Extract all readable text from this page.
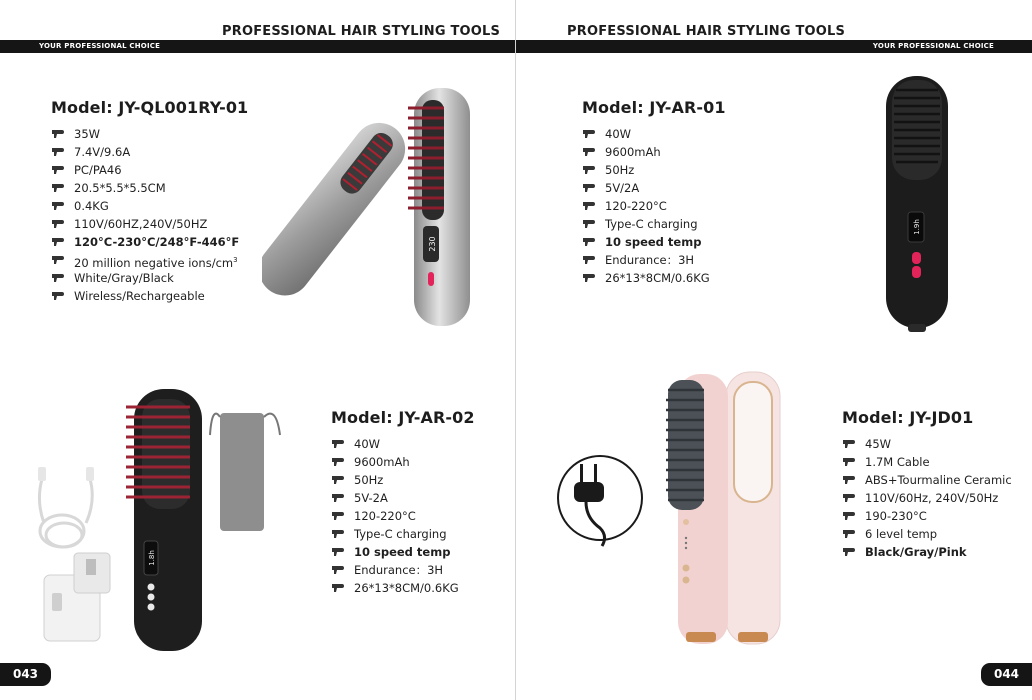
PROFESSIONAL HAIR STYLING TOOLS
YOUR PROFESSIONAL CHOICE
Model: JY-QL001RY-01
35W
7.4V/9.6A
PC/PA46
20.5*5.5*5.5CM
0.4KG
110V/60HZ,240V/50HZ
120°C-230°C/248°F-446°F
20 million negative ions/$cm^3$
White/Gray/Black
Wireless/Rechargeable
230
Model: JY-AR-02
40W
9600mAh
50Hz
5V-2A
120-220°C
Type-C charging
10 speed temp
Endurance：3H
26*13*8CM/0.6KG
1.8h
043
PROFESSIONAL HAIR STYLING TOOLS
YOUR PROFESSIONAL CHOICE
Model: JY-AR-01
40W
9600mAh
50Hz
5V/2A
120-220°C
Type-C charging
10 speed temp
Endurance：3H
26*13*8CM/0.6KG
1.9h
Model: JY-JD01
45W
1.7M Cable
ABS+Tourmaline Ceramic
110V/60Hz, 240V/50Hz
190-230°C
6 level temp
Black/Gray/Pink
044
